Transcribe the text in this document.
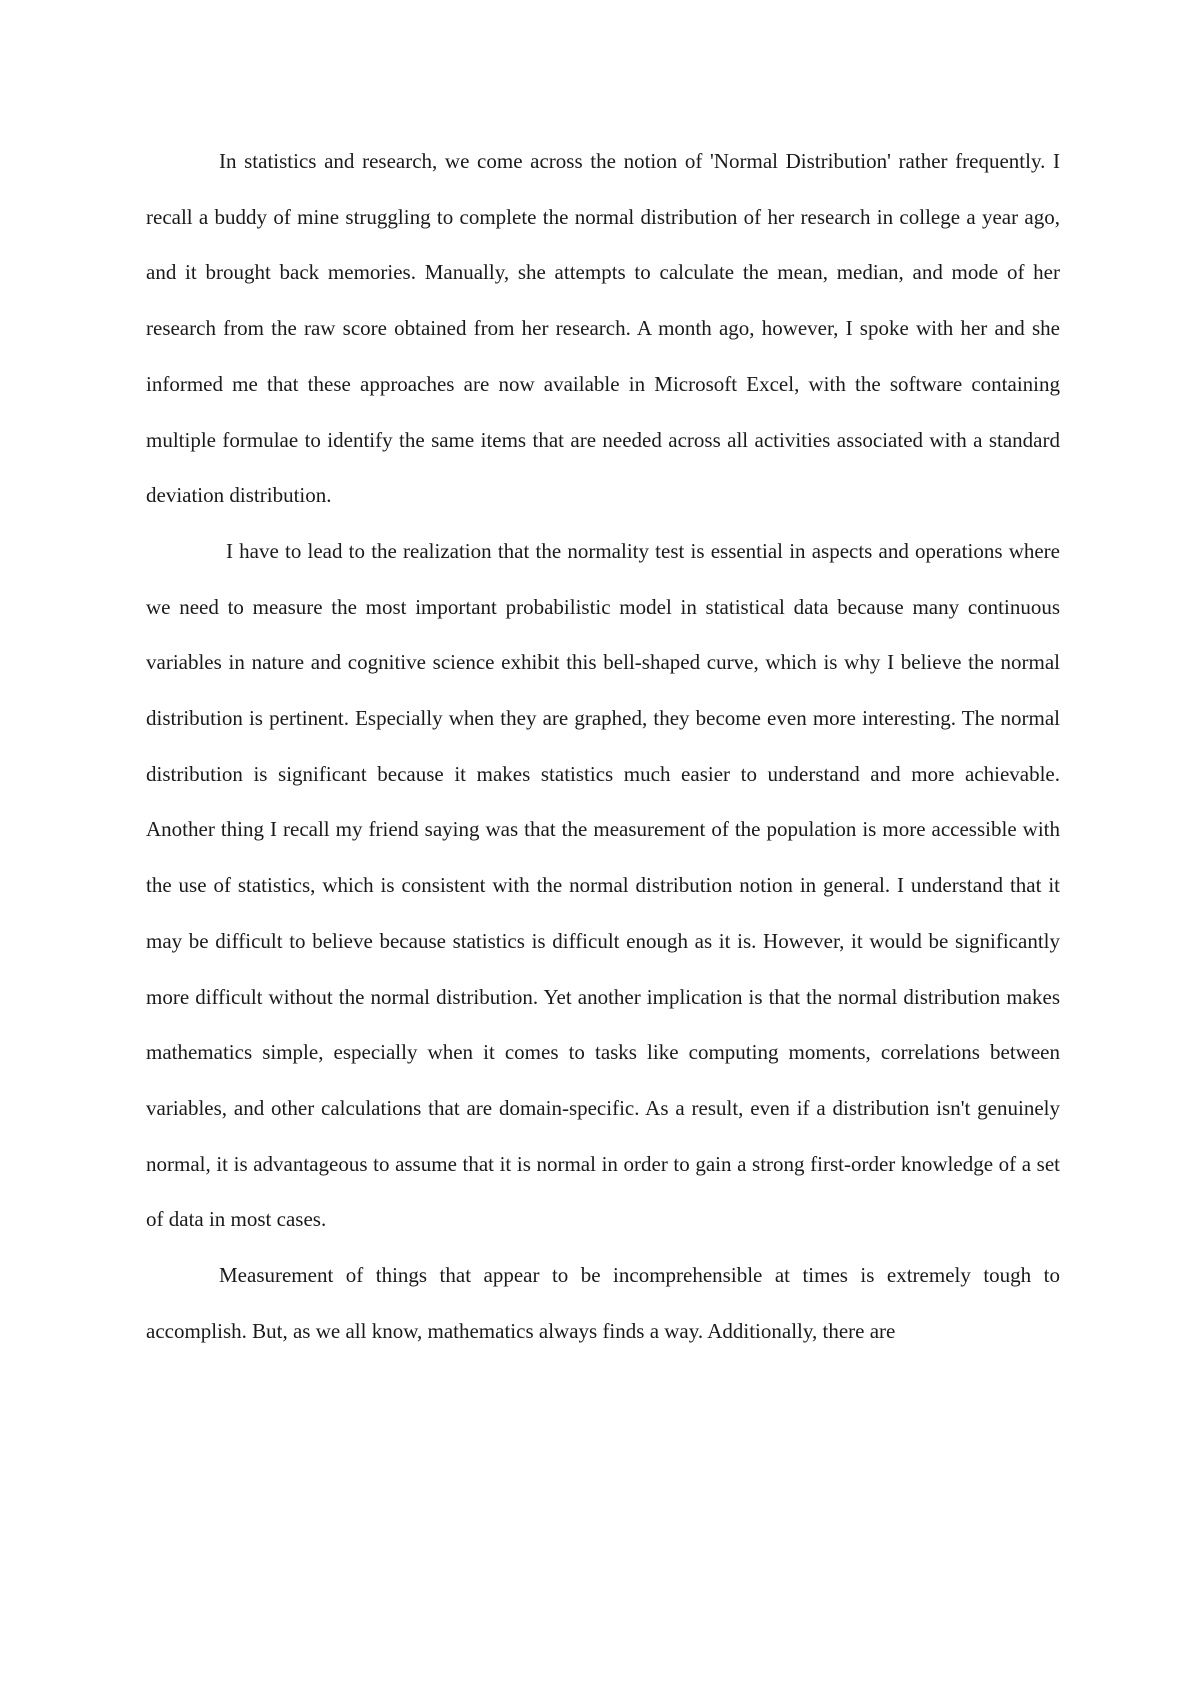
In statistics and research, we come across the notion of 'Normal Distribution' rather frequently. I recall a buddy of mine struggling to complete the normal distribution of her research in college a year ago, and it brought back memories. Manually, she attempts to calculate the mean, median, and mode of her research from the raw score obtained from her research. A month ago, however, I spoke with her and she informed me that these approaches are now available in Microsoft Excel, with the software containing multiple formulae to identify the same items that are needed across all activities associated with a standard deviation distribution.

I have to lead to the realization that the normality test is essential in aspects and operations where we need to measure the most important probabilistic model in statistical data because many continuous variables in nature and cognitive science exhibit this bell-shaped curve, which is why I believe the normal distribution is pertinent. Especially when they are graphed, they become even more interesting. The normal distribution is significant because it makes statistics much easier to understand and more achievable. Another thing I recall my friend saying was that the measurement of the population is more accessible with the use of statistics, which is consistent with the normal distribution notion in general. I understand that it may be difficult to believe because statistics is difficult enough as it is. However, it would be significantly more difficult without the normal distribution. Yet another implication is that the normal distribution makes mathematics simple, especially when it comes to tasks like computing moments, correlations between variables, and other calculations that are domain-specific. As a result, even if a distribution isn't genuinely normal, it is advantageous to assume that it is normal in order to gain a strong first-order knowledge of a set of data in most cases.

Measurement of things that appear to be incomprehensible at times is extremely tough to accomplish. But, as we all know, mathematics always finds a way. Additionally, there are
